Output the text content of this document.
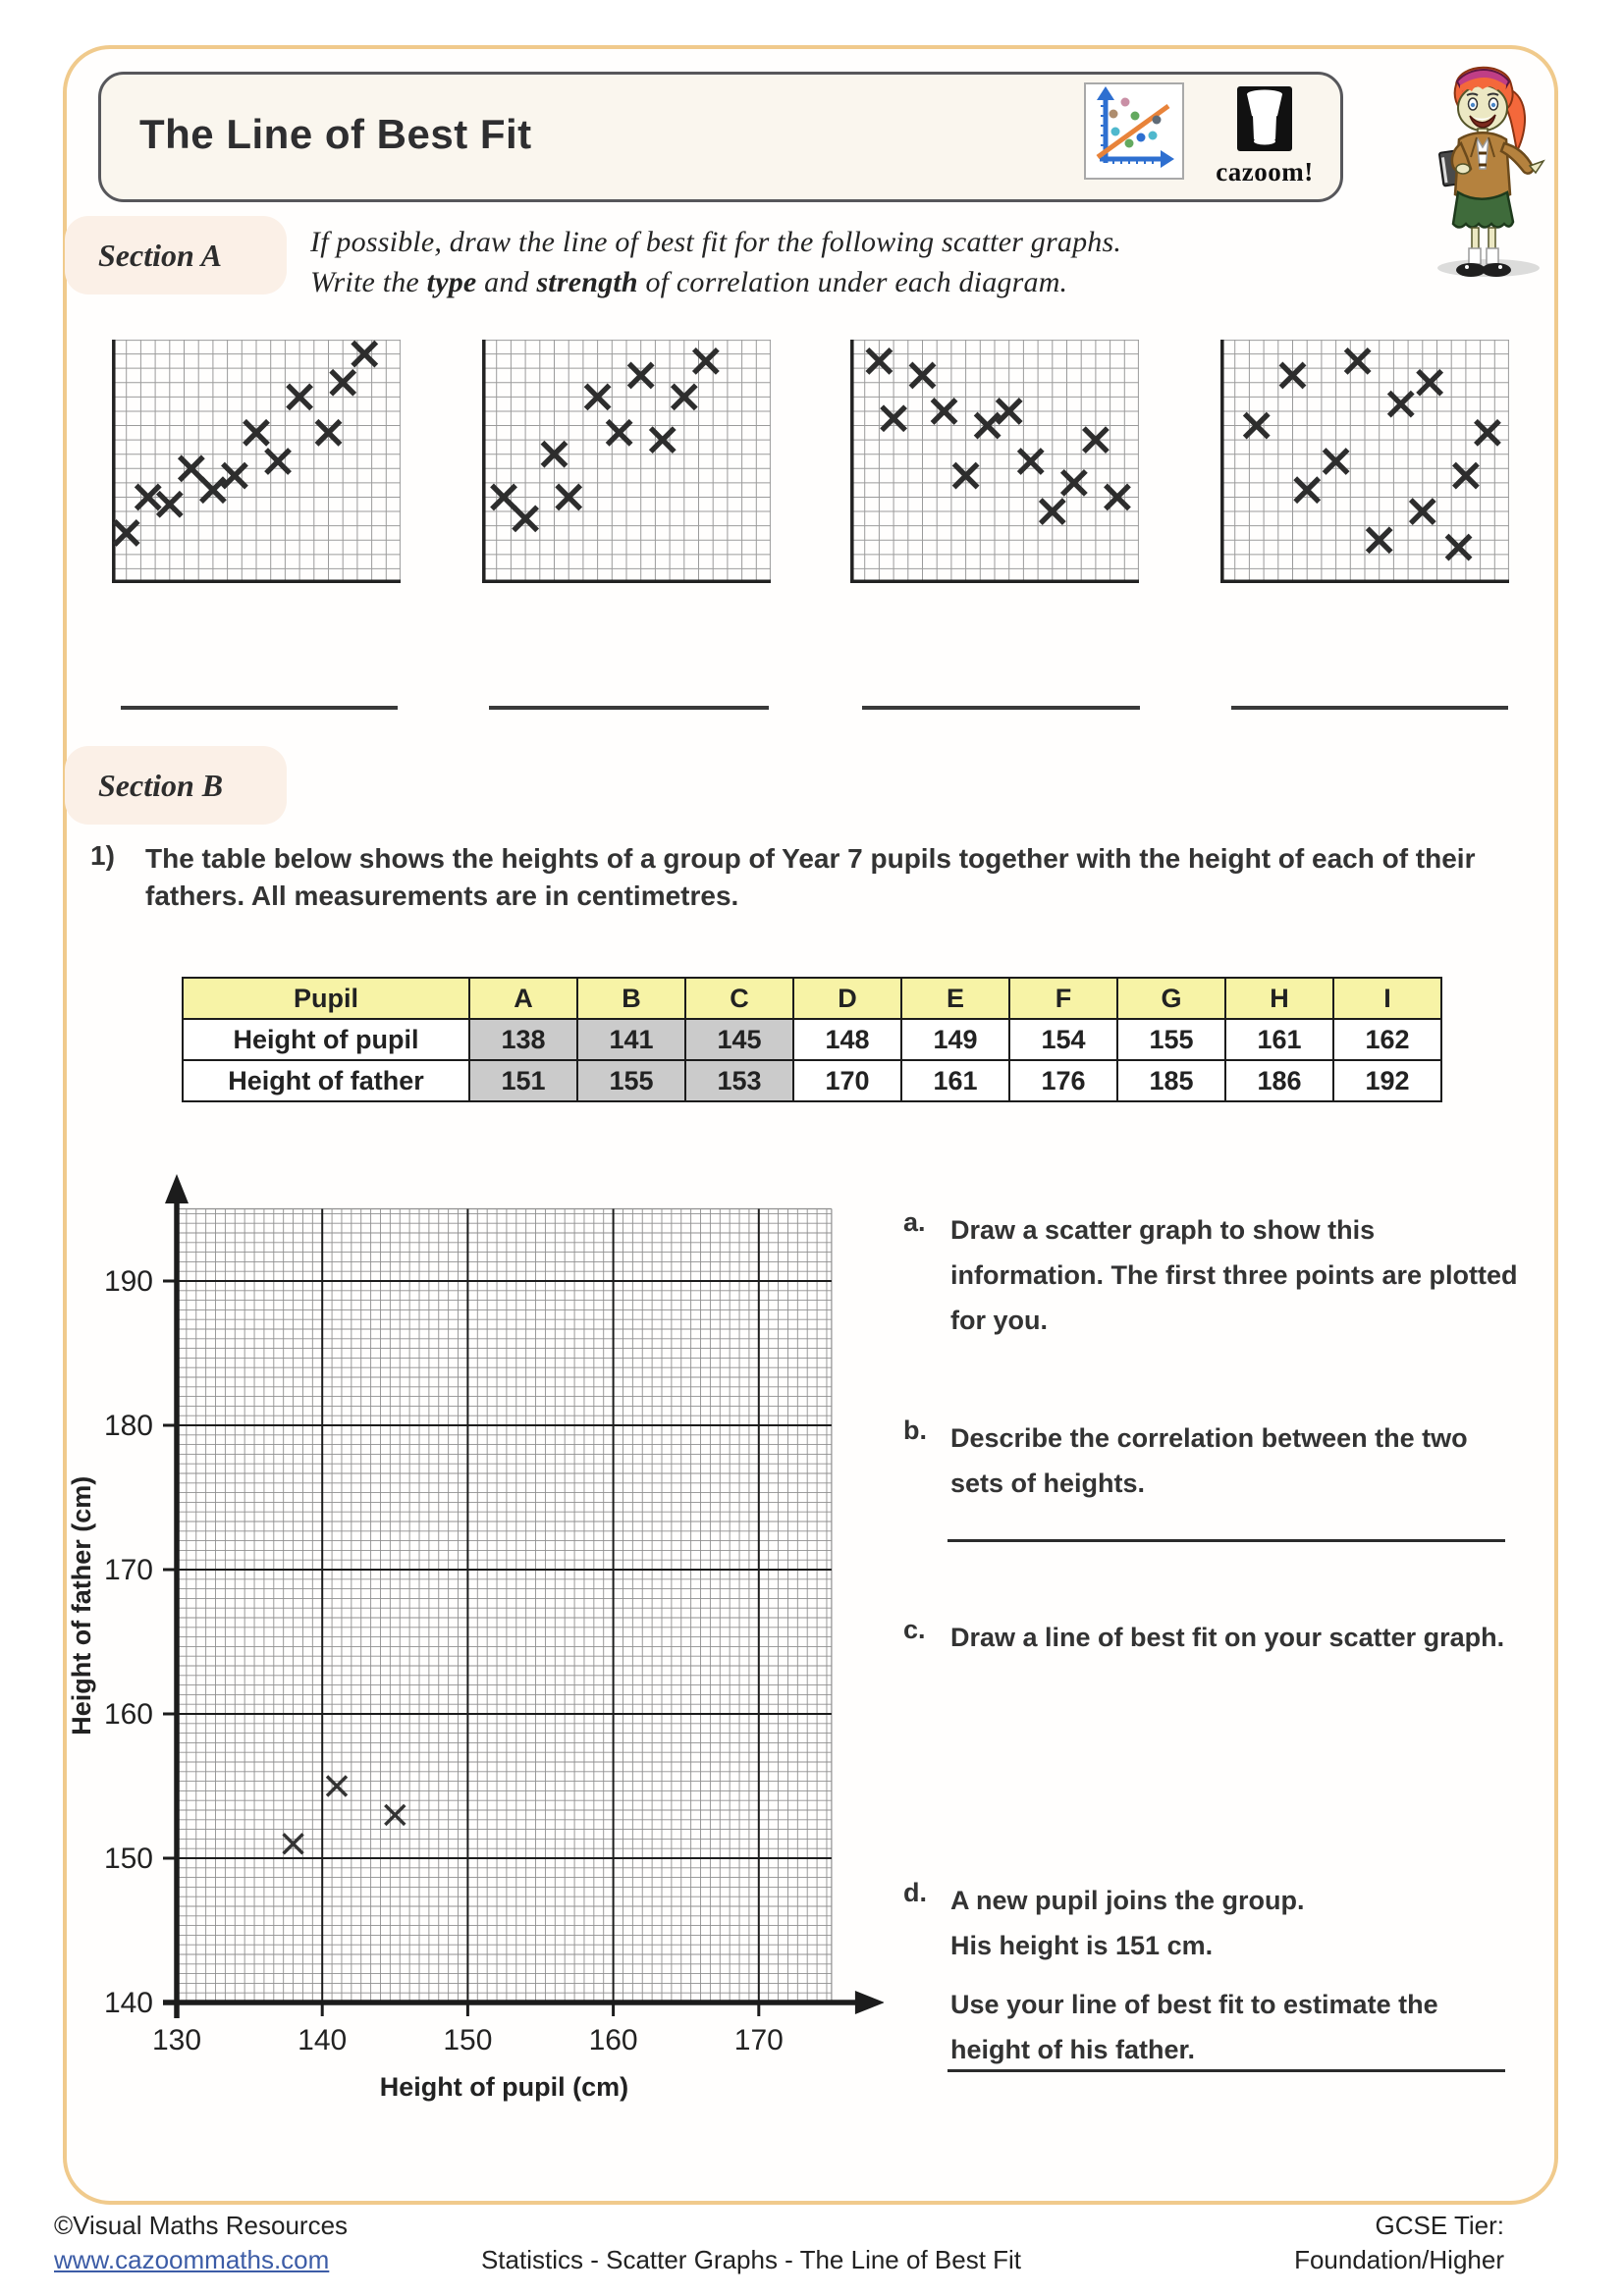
The Line of Best Fit
cazoom!
Section A	If possible, draw the line of best fit for the following scatter graphs.
Write the type and strength of correlation under each diagram.
Section B
1) The table below shows the heights of a group of Year 7 pupils together with the height of each of their fathers. All measurements are in centimetres.
Pupil	A	B	C	D	E	F	G	H	I
Height of pupil	138	141	145	148	149	154	155	161	162
Height of father	151	155	153	170	161	176	185	186	192
140
150
160
170
180
190
130	140	150	160	170
Height of father (cm)
Height of pupil (cm)
a. Draw a scatter graph to show this information. The first three points are plotted for you.

b. Describe the correlation between the two sets of heights.

c. Draw a line of best fit on your scatter graph.

d. A new pupil joins the group.
His height is 151 cm.

Use your line of best fit to estimate the height of his father.

©Visual Maths Resources
www.cazoommaths.com	Statistics - Scatter Graphs - The Line of Best Fit
GCSE Tier:
Foundation/Higher
